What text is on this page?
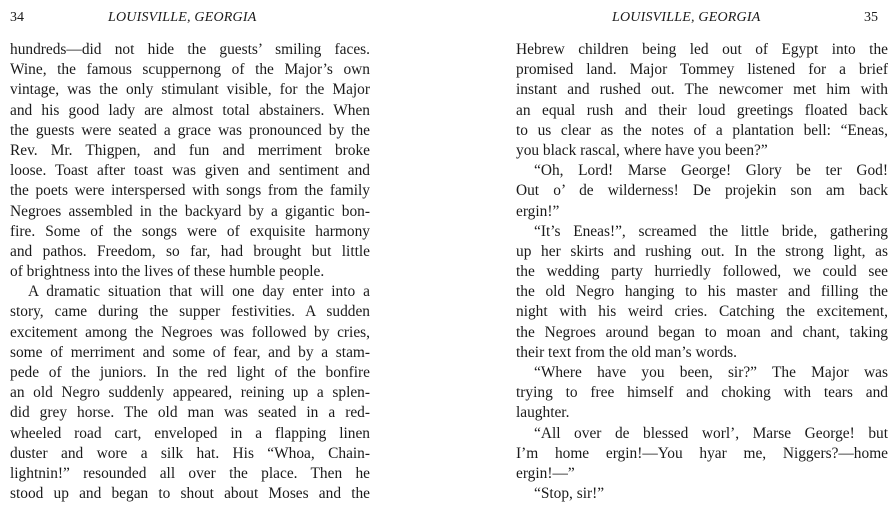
34	LOUISVILLE, GEORGIA
hundreds—did not hide the guests’ smiling faces.
Wine, the famous scuppernong of the Major’s own
vintage, was the only stimulant visible, for the Major
and his good lady are almost total abstainers. When
the guests were seated a grace was pronounced by the
Rev. Mr. Thigpen, and fun and merriment broke
loose. Toast after toast was given and sentiment and
the poets were interspersed with songs from the family
Negroes assembled in the backyard by a gigantic bon-
fire. Some of the songs were of exquisite harmony
and pathos. Freedom, so far, had brought but little
of brightness into the lives of these humble people.
A dramatic situation that will one day enter into a
story, came during the supper festivities. A sudden
excitement among the Negroes was followed by cries,
some of merriment and some of fear, and by a stam-
pede of the juniors. In the red light of the bonfire
an old Negro suddenly appeared, reining up a splen-
did grey horse. The old man was seated in a red-
wheeled road cart, enveloped in a flapping linen
duster and wore a silk hat. His “Whoa, Chain-
lightnin!” resounded all over the place. Then he
stood up and began to shout about Moses and the
LOUISVILLE, GEORGIA	35
Hebrew children being led out of Egypt into the
promised land. Major Tommey listened for a brief
instant and rushed out. The newcomer met him with
an equal rush and their loud greetings floated back
to us clear as the notes of a plantation bell: “Eneas,
you black rascal, where have you been?”
“Oh, Lord! Marse George! Glory be ter God!
Out o’ de wilderness! De projekin son am back
ergin!”
“It’s Eneas!”, screamed the little bride, gathering
up her skirts and rushing out. In the strong light, as
the wedding party hurriedly followed, we could see
the old Negro hanging to his master and filling the
night with his weird cries. Catching the excitement,
the Negroes around began to moan and chant, taking
their text from the old man’s words.
“Where have you been, sir?” The Major was
trying to free himself and choking with tears and
laughter.
“All over de blessed worl’, Marse George! but
I’m home ergin!—You hyar me, Niggers?—home
ergin!—”
“Stop, sir!”
